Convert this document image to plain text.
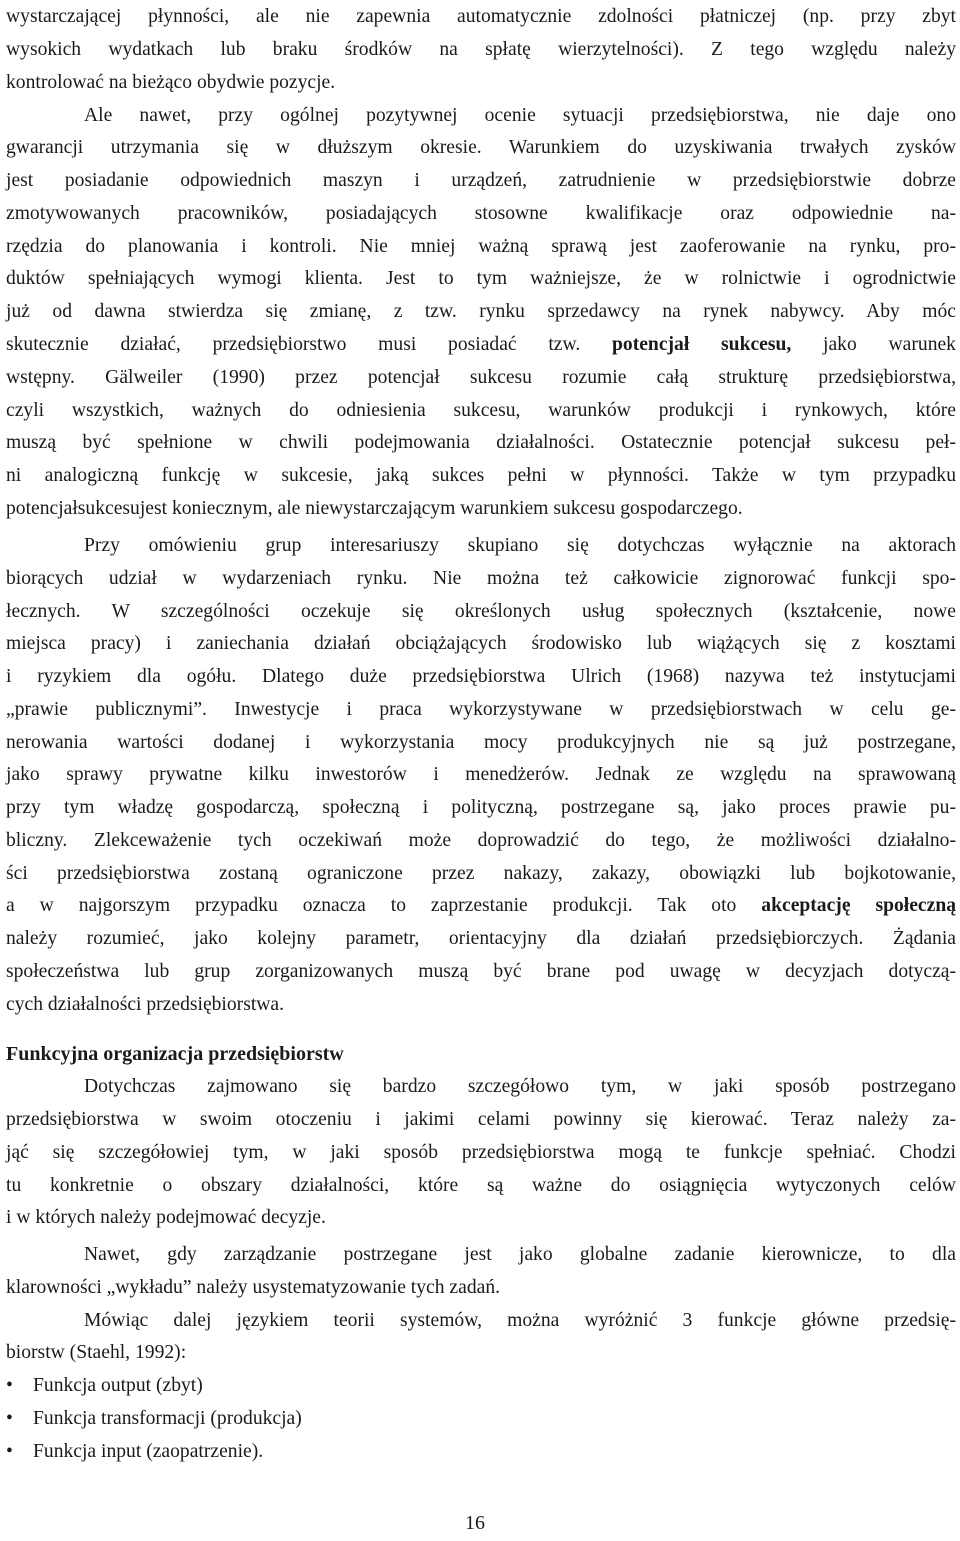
wystarczającej płynności, ale nie zapewnia automatycznie zdolności płatniczej (np. przy zbyt
wysokich wydatkach lub braku środków na spłatę wierzytelności). Z tego względu należy
kontrolować na bieżąco obydwie pozycje.
Ale nawet, przy ogólnej pozytywnej ocenie sytuacji przedsiębiorstwa, nie daje ono
gwarancji utrzymania się w dłuższym okresie. Warunkiem do uzyskiwania trwałych zysków
jest posiadanie odpowiednich maszyn i urządzeń, zatrudnienie w przedsiębiorstwie dobrze
zmotywowanych pracowników, posiadających stosowne kwalifikacje oraz odpowiednie na-
rzędzia do planowania i kontroli. Nie mniej ważną sprawą jest zaoferowanie na rynku, pro-
duktów spełniających wymogi klienta. Jest to tym ważniejsze, że w rolnictwie i ogrodnictwie
już od dawna stwierdza się zmianę, z tzw. rynku sprzedawcy na rynek nabywcy. Aby móc
skutecznie działać, przedsiębiorstwo musi posiadać tzw. potencjał sukcesu, jako warunek
wstępny. Gälweiler (1990) przez potencjał sukcesu rozumie całą strukturę przedsiębiorstwa,
czyli wszystkich, ważnych do odniesienia sukcesu, warunków produkcji i rynkowych, które
muszą być spełnione w chwili podejmowania działalności. Ostatecznie potencjał sukcesu peł-
ni analogiczną funkcję w sukcesie, jaką sukces pełni w płynności. Także w tym przypadku
potencjałsukcesujest koniecznym, ale niewystarczającym warunkiem sukcesu gospodarczego.
Przy omówieniu grup interesariuszy skupiano się dotychczas wyłącznie na aktorach
biorących udział w wydarzeniach rynku. Nie można też całkowicie zignorować funkcji spo-
łecznych. W szczególności oczekuje się określonych usług społecznych (kształcenie, nowe
miejsca pracy) i zaniechania działań obciążających środowisko lub wiążących się z kosztami
i ryzykiem dla ogółu. Dlatego duże przedsiębiorstwa Ulrich (1968) nazywa też instytucjami
„prawie publicznymi”. Inwestycje i praca wykorzystywane w przedsiębiorstwach w celu ge-
nerowania wartości dodanej i wykorzystania mocy produkcyjnych nie są już postrzegane,
jako sprawy prywatne kilku inwestorów i menedżerów. Jednak ze względu na sprawowaną
przy tym władzę gospodarczą, społeczną i polityczną, postrzegane są, jako proces prawie pu-
bliczny. Zlekceważenie tych oczekiwań może doprowadzić do tego, że możliwości działalno-
ści przedsiębiorstwa zostaną ograniczone przez nakazy, zakazy, obowiązki lub bojkotowanie,
a w najgorszym przypadku oznacza to zaprzestanie produkcji. Tak oto akceptację społeczną
należy rozumieć, jako kolejny parametr, orientacyjny dla działań przedsiębiorczych. Żądania
społeczeństwa lub grup zorganizowanych muszą być brane pod uwagę w decyzjach dotyczą-
cych działalności przedsiębiorstwa.
Funkcyjna organizacja przedsiębiorstw
Dotychczas zajmowano się bardzo szczegółowo tym, w jaki sposób postrzegano
przedsiębiorstwa w swoim otoczeniu i jakimi celami powinny się kierować. Teraz należy za-
jąć się szczegółowiej tym, w jaki sposób przedsiębiorstwa mogą te funkcje spełniać. Chodzi
tu konkretnie o obszary działalności, które są ważne do osiągnięcia wytyczonych celów
i w których należy podejmować decyzje.
Nawet, gdy zarządzanie postrzegane jest jako globalne zadanie kierownicze, to dla
klarowności „wykładu” należy usystematyzowanie tych zadań.
Mówiąc dalej językiem teorii systemów, można wyróżnić 3 funkcje główne przedsię-
biorstw (Staehl, 1992):
• Funkcja output (zbyt)
• Funkcja transformacji (produkcja)
• Funkcja input (zaopatrzenie).
16
